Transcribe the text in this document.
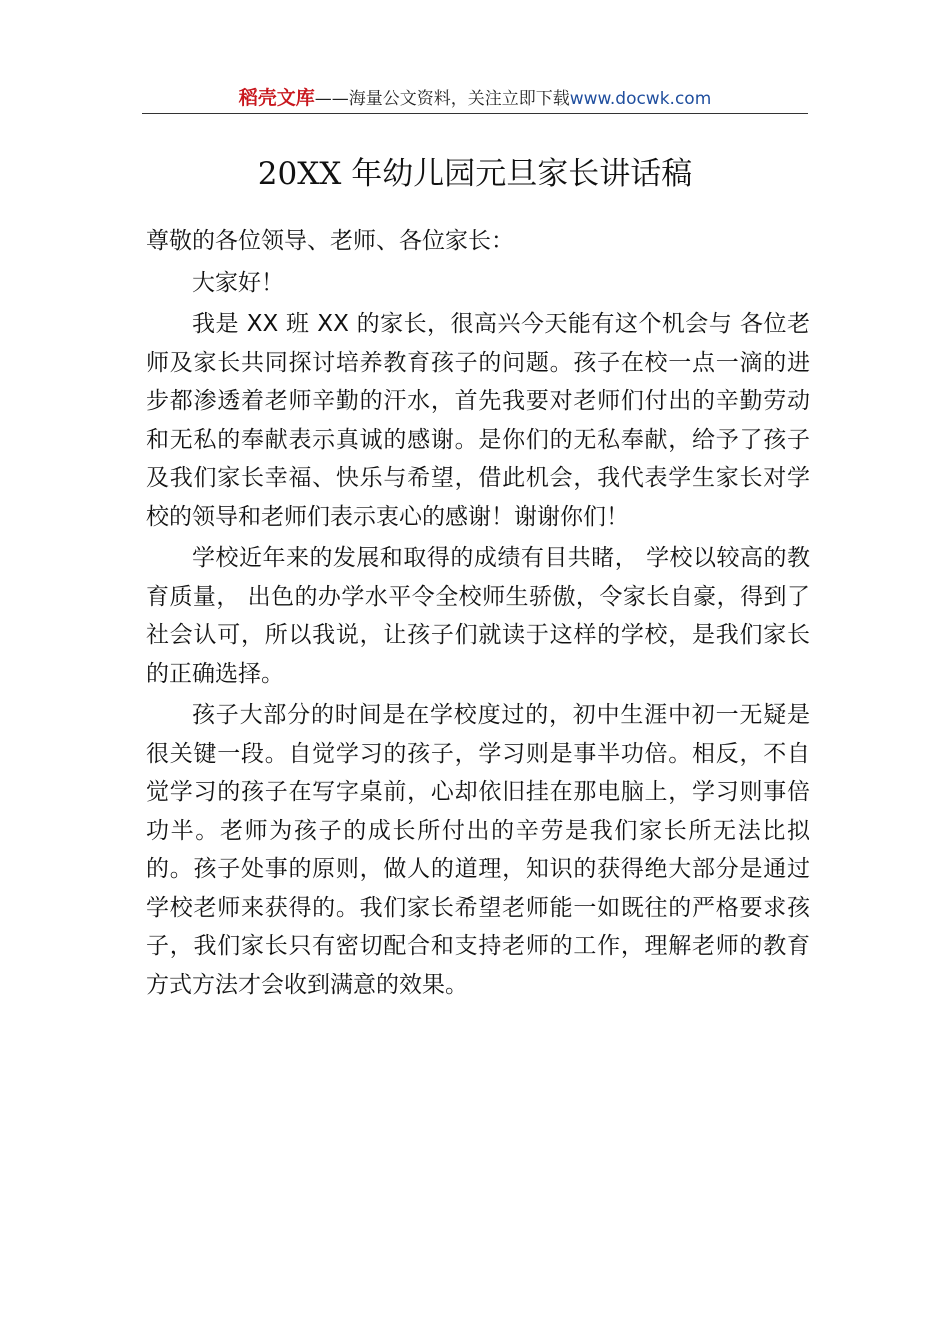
稻壳文库——海量公文资料，关注立即下载www.docwk.com
20XX 年幼儿园元旦家长讲话稿

尊敬的各位领导、老师、各位家长：

大家好！

我是 XX 班 XX 的家长，很高兴今天能有这个机会与 各位老师及家长共同探讨培养教育孩子的问题。孩子在校一点一滴的进步都渗透着老师辛勤的汗水，首先我要对老师们付出的辛勤劳动和无私的奉献表示真诚的感谢。是你们的无私奉献，给予了孩子及我们家长幸福、快乐与希望，借此机会，我代表学生家长对学校的领导和老师们表示衷心的感谢！谢谢你们！

学校近年来的发展和取得的成绩有目共睹， 学校以较高的教育质量， 出色的办学水平令全校师生骄傲，令家长自豪，得到了社会认可，所以我说，让孩子们就读于这样的学校，是我们家长的正确选择。

孩子大部分的时间是在学校度过的，初中生涯中初一无疑是很关键一段。自觉学习的孩子，学习则是事半功倍。相反，不自觉学习的孩子在写字桌前，心却依旧挂在那电脑上，学习则事倍功半。老师为孩子的成长所付出的辛劳是我们家长所无法比拟的。孩子处事的原则，做人的道理，知识的获得绝大部分是通过学校老师来获得的。我们家长希望老师能一如既往的严格要求孩子，我们家长只有密切配合和支持老师的工作，理解老师的教育方式方法才会收到满意的效果。
